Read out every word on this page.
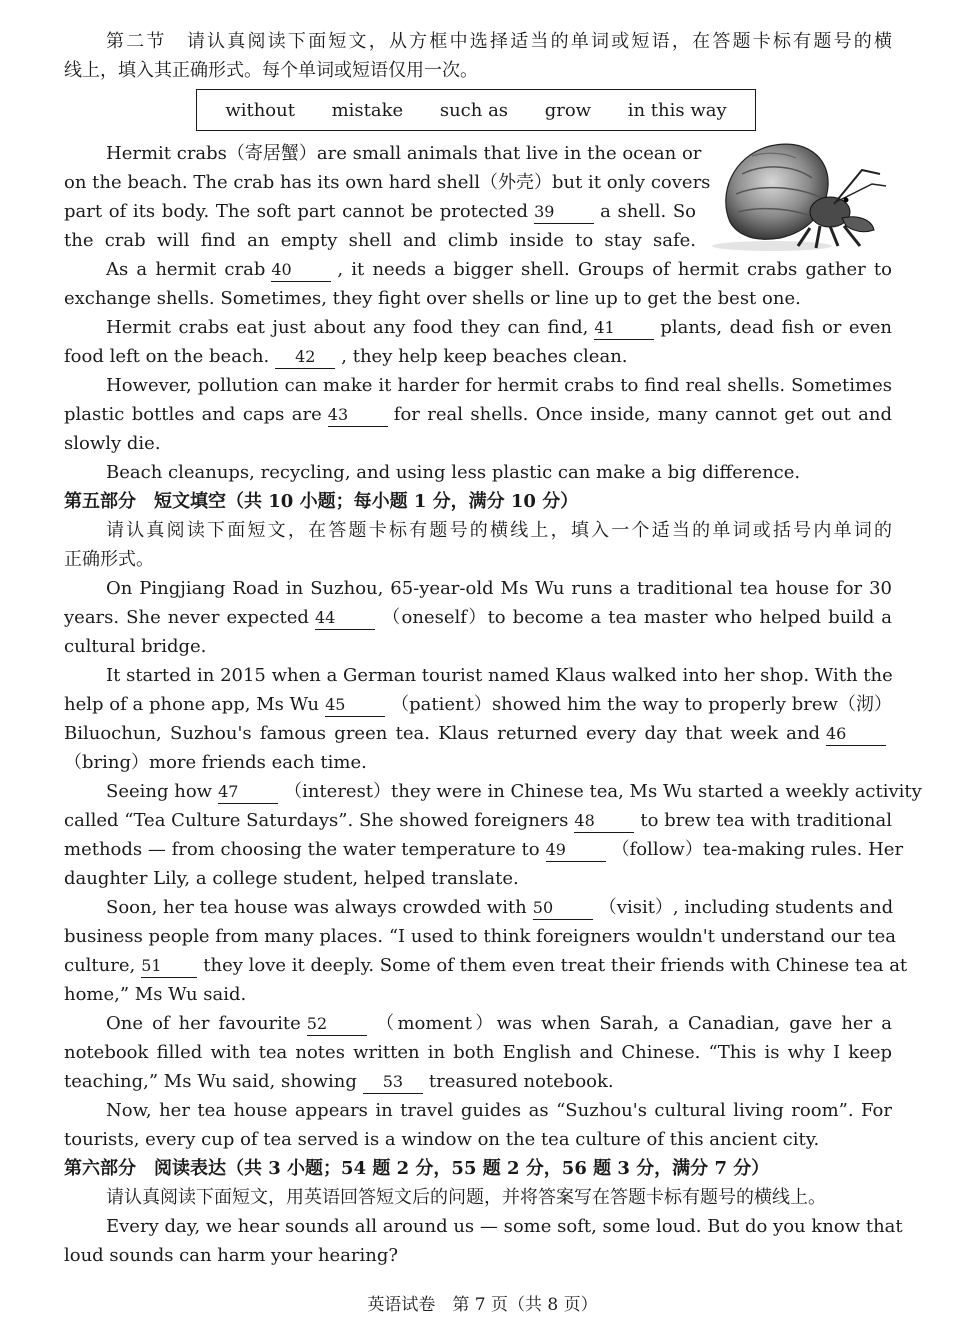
第二节　请认真阅读下面短文，从方框中选择适当的单词或短语，在答题卡标有题号的横
线上，填入其正确形式。每个单词或短语仅用一次。
without mistake such as grow in this way
Hermit crabs（寄居蟹）are small animals that live in the ocean or
on the beach. The crab has its own hard shell（外壳）but it only covers
part of its body. The soft part cannot be protected 39	a shell. So
the crab will find an empty shell and climb inside to stay safe.
As a hermit crab 40	, it needs a bigger shell. Groups of hermit crabs gather to
exchange shells. Sometimes, they fight over shells or line up to get the best one.
Hermit crabs eat just about any food they can find, 41	plants, dead fish or even
food left on the beach. 42 , they help keep beaches clean.
However, pollution can make it harder for hermit crabs to find real shells. Sometimes
plastic bottles and caps are 43	for real shells. Once inside, many cannot get out and
slowly die.
Beach cleanups, recycling, and using less plastic can make a big difference.
第五部分　短文填空（共 10 小题；每小题 1 分，满分 10 分）
请认真阅读下面短文，在答题卡标有题号的横线上，填入一个适当的单词或括号内单词的
正确形式。
On Pingjiang Road in Suzhou, 65-year-old Ms Wu runs a traditional tea house for 30
years. She never expected 44	（oneself）to become a tea master who helped build a
cultural bridge.
It started in 2015 when a German tourist named Klaus walked into her shop. With the
help of a phone app, Ms Wu 45	（patient）showed him the way to properly brew（沏）
Biluochun, Suzhou's famous green tea. Klaus returned every day that week and 46
（bring）more friends each time.
Seeing how 47	（interest）they were in Chinese tea, Ms Wu started a weekly activity
called “Tea Culture Saturdays”. She showed foreigners 48	to brew tea with traditional
methods — from choosing the water temperature to 49	（follow）tea-making rules. Her
daughter Lily, a college student, helped translate.
Soon, her tea house was always crowded with 50	（visit）, including students and
business people from many places. “I used to think foreigners wouldn't understand our tea
culture, 51 they love it deeply. Some of them even treat their friends with Chinese tea at
home,” Ms Wu said.
One of her favourite 52	（moment）was when Sarah, a Canadian, gave her a
notebook filled with tea notes written in both English and Chinese. “This is why I keep
teaching,” Ms Wu said, showing 53 treasured notebook.
Now, her tea house appears in travel guides as “Suzhou's cultural living room”. For
tourists, every cup of tea served is a window on the tea culture of this ancient city.
第六部分　阅读表达（共 3 小题；54 题 2 分，55 题 2 分，56 题 3 分，满分 7 分）
请认真阅读下面短文，用英语回答短文后的问题，并将答案写在答题卡标有题号的横线上。
Every day, we hear sounds all around us — some soft, some loud. But do you know that
loud sounds can harm your hearing?
英语试卷　第 7 页（共 8 页）
